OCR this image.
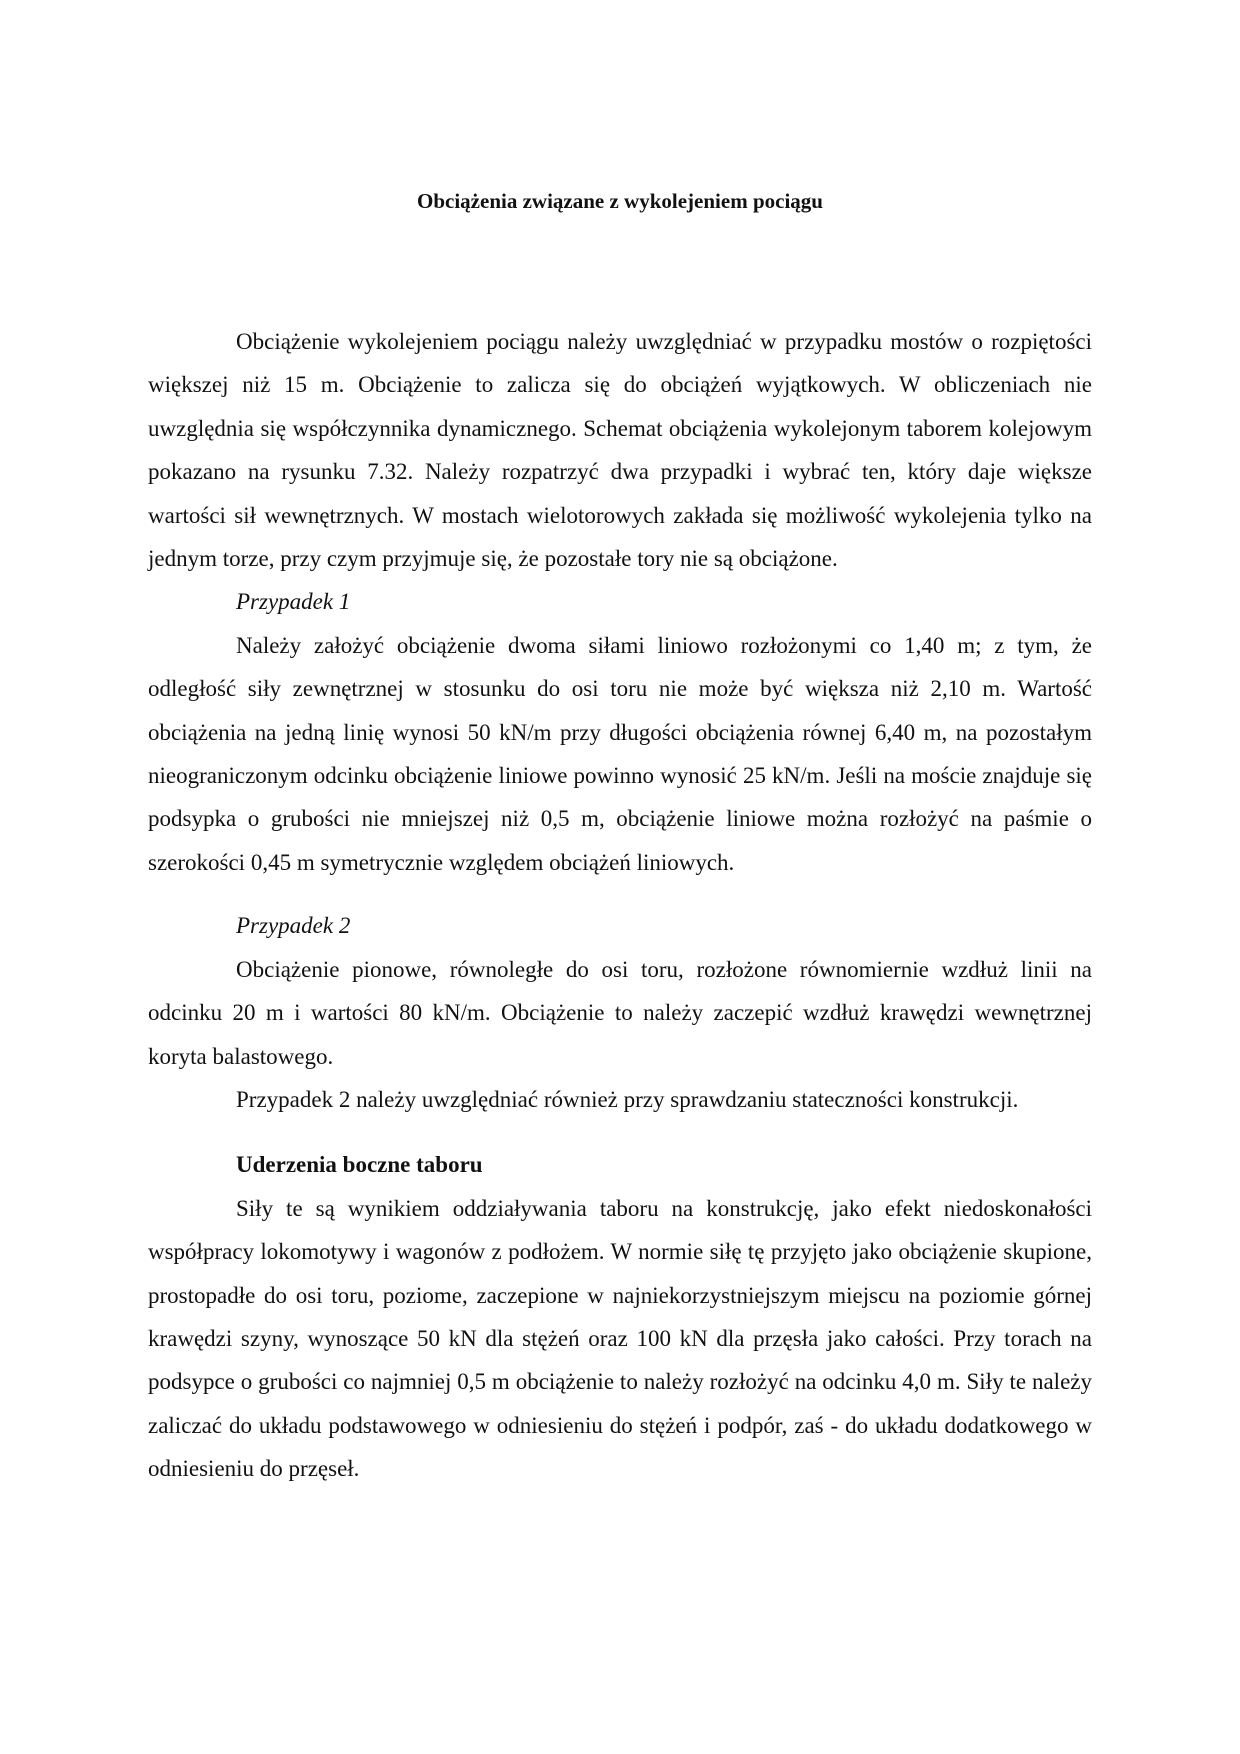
Obciążenia związane z wykolejeniem pociągu

Obciążenie wykolejeniem pociągu należy uwzględniać w przypadku mostów o rozpiętości większej niż 15 m. Obciążenie to zalicza się do obciążeń wyjątkowych. W obliczeniach nie uwzględnia się współczynnika dynamicznego. Schemat obciążenia wykolejonym taborem kolejowym pokazano na rysunku 7.32. Należy rozpatrzyć dwa przypadki i wybrać ten, który daje większe wartości sił wewnętrznych. W mostach wielotorowych zakłada się możliwość wykolejenia tylko na jednym torze, przy czym przyjmuje się, że pozostałe tory nie są obciążone.

Przypadek 1

Należy założyć obciążenie dwoma siłami liniowo rozłożonymi co 1,40 m; z tym, że odległość siły zewnętrznej w stosunku do osi toru nie może być większa niż 2,10 m. Wartość obciążenia na jedną linię wynosi 50 kN/m przy długości obciążenia równej 6,40 m, na pozostałym nieograniczonym odcinku obciążenie liniowe powinno wynosić 25 kN/m. Jeśli na moście znajduje się podsypka o grubości nie mniejszej niż 0,5 m, obciążenie liniowe można rozłożyć na paśmie o szerokości 0,45 m symetrycznie względem obciążeń liniowych.

Przypadek 2

Obciążenie pionowe, równoległe do osi toru, rozłożone równomiernie wzdłuż linii na odcinku 20 m i wartości 80 kN/m. Obciążenie to należy zaczepić wzdłuż krawędzi wewnętrznej koryta balastowego.

Przypadek 2 należy uwzględniać również przy sprawdzaniu stateczności konstrukcji.

Uderzenia boczne taboru

Siły te są wynikiem oddziaływania taboru na konstrukcję, jako efekt niedoskonałości współpracy lokomotywy i wagonów z podłożem. W normie siłę tę przyjęto jako obciążenie skupione, prostopadłe do osi toru, poziome, zaczepione w najniekorzystniejszym miejscu na poziomie górnej krawędzi szyny, wynoszące 50 kN dla stężeń oraz 100 kN dla przęsła jako całości. Przy torach na podsypce o grubości co najmniej 0,5 m obciążenie to należy rozłożyć na odcinku 4,0 m. Siły te należy zaliczać do układu podstawowego w odniesieniu do stężeń i podpór, zaś - do układu dodatkowego w odniesieniu do przęseł.
